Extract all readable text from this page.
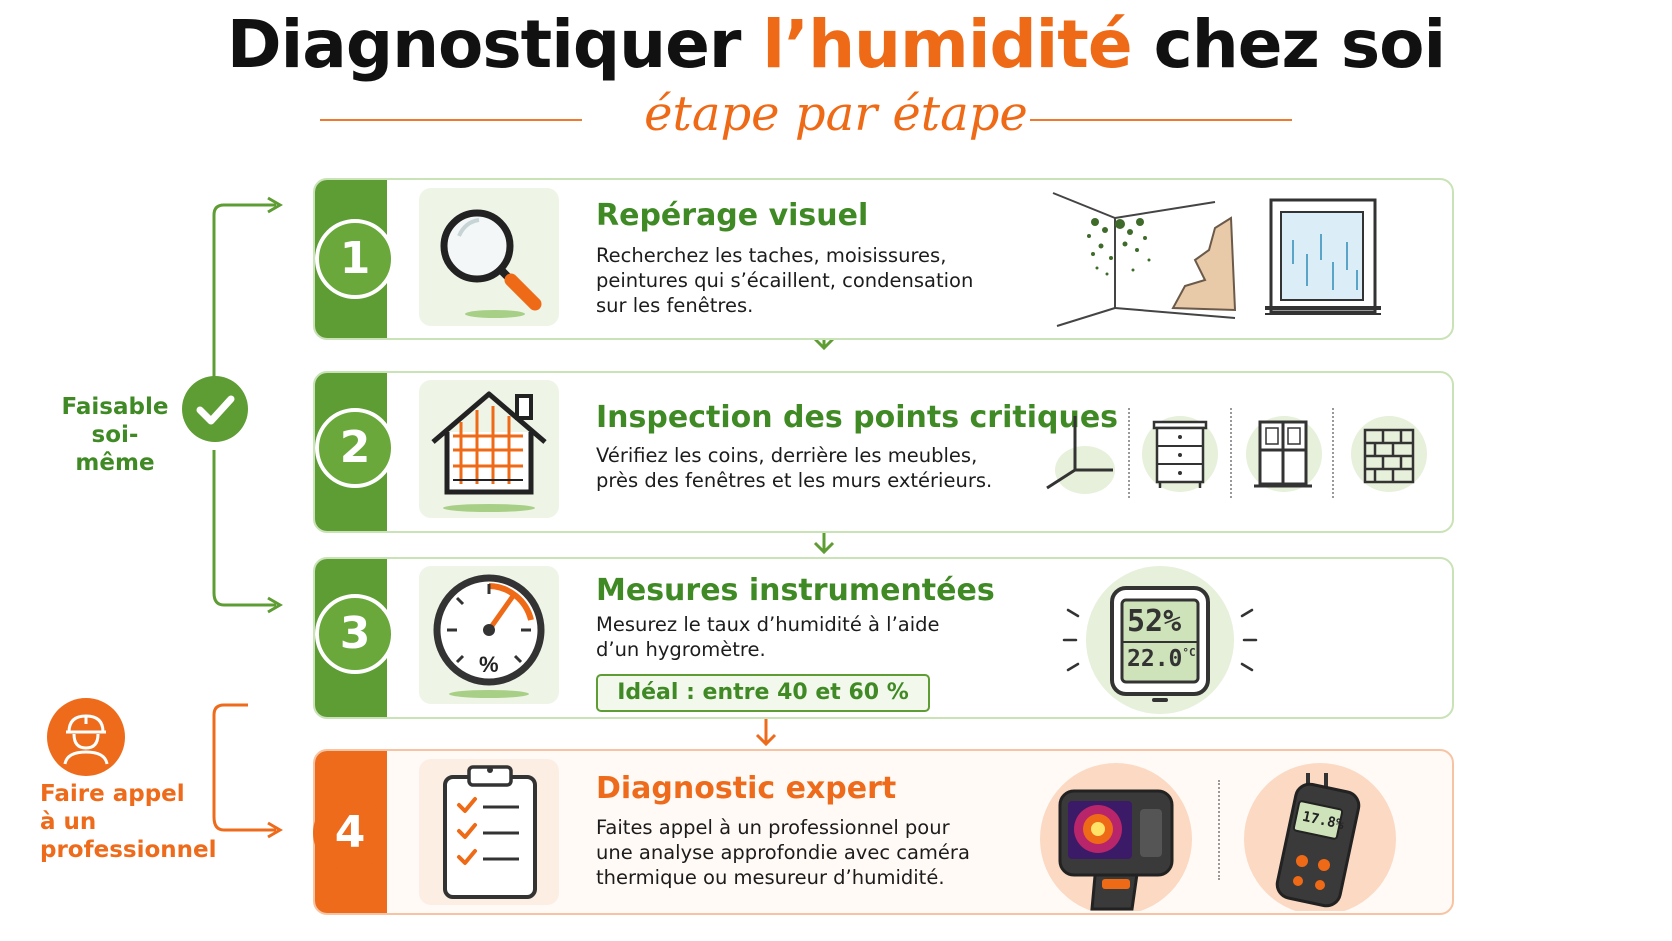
Diagnostiquer l’humidité chez soi
étape par étape
Faisable
soi-même
Faire appel
à un
professionnel
1
Repérage visuel
Recherchez les taches, moisissures,
peintures qui s’écaillent, condensation
sur les fenêtres.
2
Inspection des points critiques
Vérifiez les coins, derrière les meubles,
près des fenêtres et les murs extérieurs.
3
%
Mesures instrumentées
Mesurez le taux d’humidité à l’aide
d’un hygromètre.
Idéal : entre 40 et 60 %
52%
$22.0^{^\circ C}$
4
Diagnostic expert
Faites appel à un professionnel pour
une analyse approfondie avec caméra
thermique ou mesureur d’humidité.
17.8%
